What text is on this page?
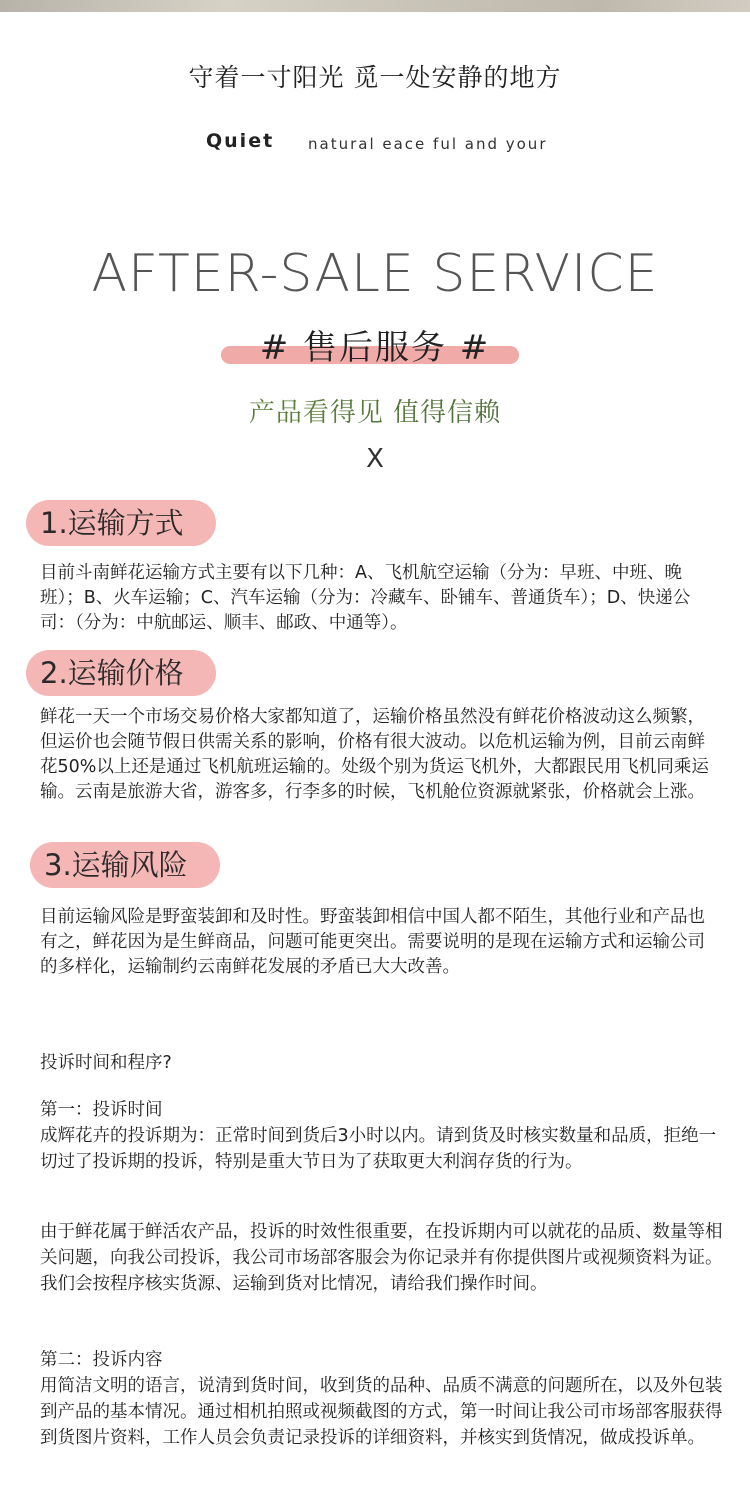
守着一寸阳光 觅一处安静的地方
Quiet natural eace ful and your
AFTER-SALE SERVICE
# 售后服务 #
产品看得见 值得信赖
X
1.运输方式

目前斗南鲜花运输方式主要有以下几种：A、飞机航空运输（分为：早班、中班、晚班）；B、火车运输；C、汽车运输（分为：冷藏车、卧铺车、普通货车）；D、快递公司：（分为：中航邮运、顺丰、邮政、中通等）。

2.运输价格

鲜花一天一个市场交易价格大家都知道了，运输价格虽然没有鲜花价格波动这么频繁，但运价也会随节假日供需关系的影响，价格有很大波动。以危机运输为例，目前云南鲜花50%以上还是通过飞机航班运输的。处级个别为货运飞机外，大都跟民用飞机同乘运输。云南是旅游大省，游客多，行李多的时候，飞机舱位资源就紧张，价格就会上涨。

3.运输风险

目前运输风险是野蛮装卸和及时性。野蛮装卸相信中国人都不陌生，其他行业和产品也有之，鲜花因为是生鲜商品，问题可能更突出。需要说明的是现在运输方式和运输公司的多样化，运输制约云南鲜花发展的矛盾已大大改善。

投诉时间和程序?

第一：投诉时间

成辉花卉的投诉期为：正常时间到货后3小时以内。请到货及时核实数量和品质，拒绝一切过了投诉期的投诉，特别是重大节日为了获取更大利润存货的行为。

由于鲜花属于鲜活农产品，投诉的时效性很重要，在投诉期内可以就花的品质、数量等相关问题，向我公司投诉，我公司市场部客服会为你记录并有你提供图片或视频资料为证。我们会按程序核实货源、运输到货对比情况，请给我们操作时间。

第二：投诉内容

用简洁文明的语言，说清到货时间，收到货的品种、品质不满意的问题所在，以及外包装到产品的基本情况。通过相机拍照或视频截图的方式，第一时间让我公司市场部客服获得到货图片资料，工作人员会负责记录投诉的详细资料，并核实到货情况，做成投诉单。
